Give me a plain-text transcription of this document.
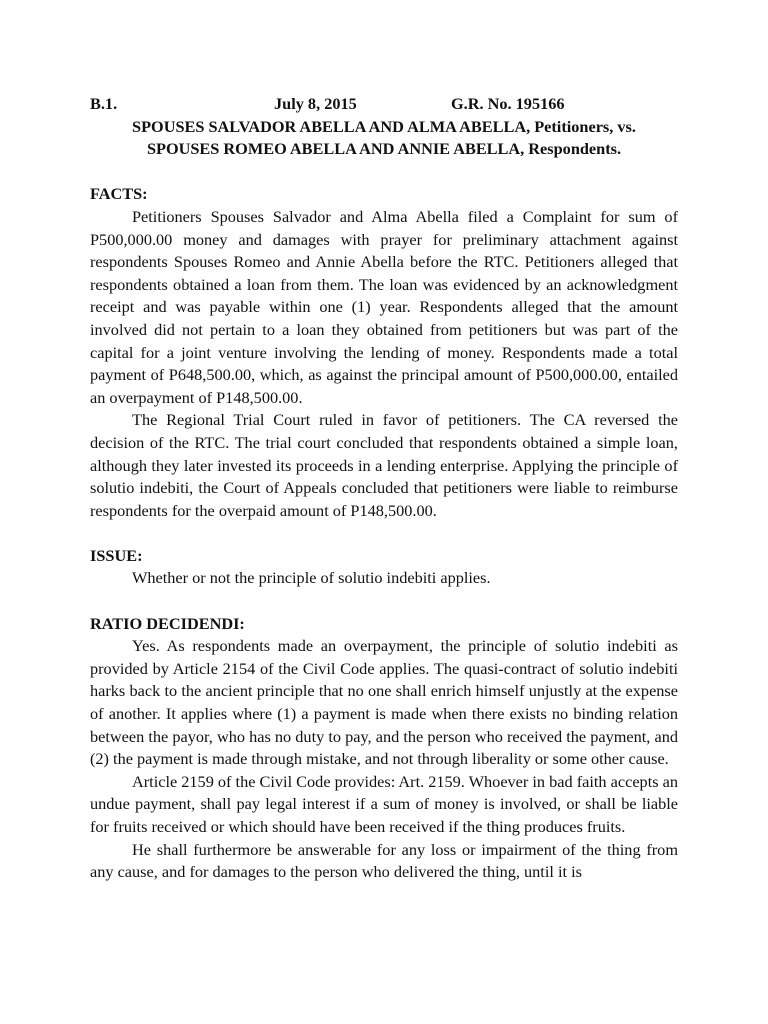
B.1.	July 8, 2015	G.R. No. 195166
SPOUSES SALVADOR ABELLA AND ALMA ABELLA, Petitioners, vs.
SPOUSES ROMEO ABELLA AND ANNIE ABELLA, Respondents.
FACTS:

Petitioners Spouses Salvador and Alma Abella filed a Complaint for sum of P500,000.00 money and damages with prayer for preliminary attachment against respondents Spouses Romeo and Annie Abella before the RTC. Petitioners alleged that respondents obtained a loan from them. The loan was evidenced by an acknowledgment receipt and was payable within one (1) year. Respondents alleged that the amount involved did not pertain to a loan they obtained from petitioners but was part of the capital for a joint venture involving the lending of money. Respondents made a total payment of P648,500.00, which, as against the principal amount of P500,000.00, entailed an overpayment of P148,500.00.

The Regional Trial Court ruled in favor of petitioners. The CA reversed the decision of the RTC. The trial court concluded that respondents obtained a simple loan, although they later invested its proceeds in a lending enterprise. Applying the principle of solutio indebiti, the Court of Appeals concluded that petitioners were liable to reimburse respondents for the overpaid amount of P148,500.00.

ISSUE:

Whether or not the principle of solutio indebiti applies.

RATIO DECIDENDI:

Yes. As respondents made an overpayment, the principle of solutio indebiti as provided by Article 2154 of the Civil Code applies. The quasi-contract of solutio indebiti harks back to the ancient principle that no one shall enrich himself unjustly at the expense of another. It applies where (1) a payment is made when there exists no binding relation between the payor, who has no duty to pay, and the person who received the payment, and (2) the payment is made through mistake, and not through liberality or some other cause.

Article 2159 of the Civil Code provides: Art. 2159. Whoever in bad faith accepts an undue payment, shall pay legal interest if a sum of money is involved, or shall be liable for fruits received or which should have been received if the thing produces fruits.

He shall furthermore be answerable for any loss or impairment of the thing from any cause, and for damages to the person who delivered the thing, until it is
